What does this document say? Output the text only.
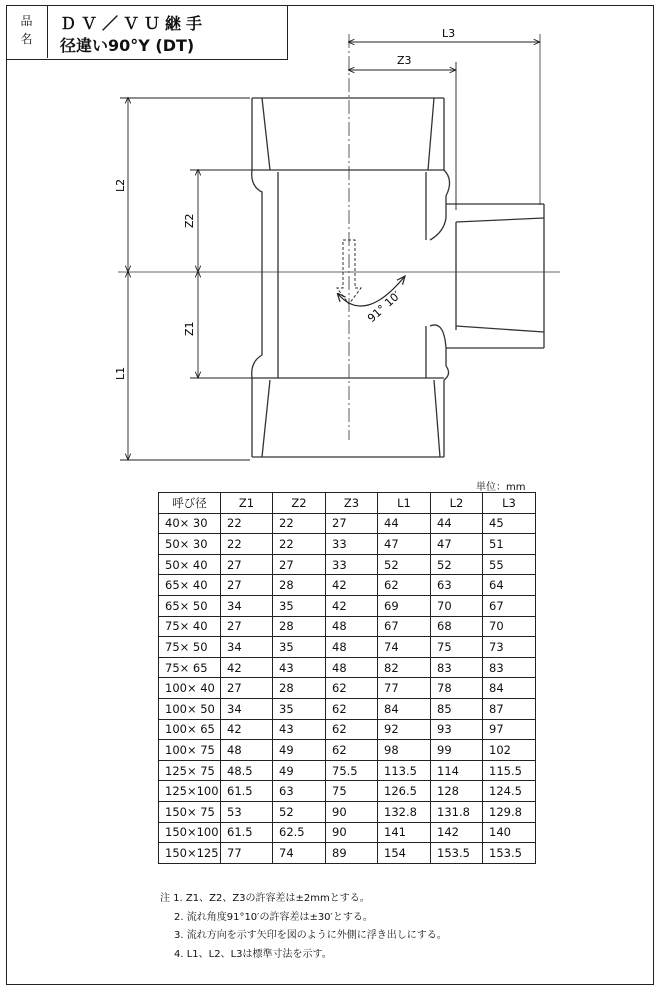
品
名
ＤＶ／ＶＵ継手
径違い90°Y (DT)
91° 10′
L3
Z3
L2
Z2
Z1
L1
単位：mm
呼び径	Z1	Z2	Z3	L1	L2	L3
40× 30	22	22	27	44	44	45
50× 30	22	22	33	47	47	51
50× 40	27	27	33	52	52	55
65× 40	27	28	42	62	63	64
65× 50	34	35	42	69	70	67
75× 40	27	28	48	67	68	70
75× 50	34	35	48	74	75	73
75× 65	42	43	48	82	83	83
100× 40	27	28	62	77	78	84
100× 50	34	35	62	84	85	87
100× 65	42	43	62	92	93	97
100× 75	48	49	62	98	99	102
125× 75	48.5	49	75.5	113.5	114	115.5
125×100	61.5	63	75	126.5	128	124.5
150× 75	53	52	90	132.8	131.8	129.8
150×100	61.5	62.5	90	141	142	140
150×125	77	74	89	154	153.5	153.5
注 1. Z1、Z2、Z3の許容差は±2mmとする。
2. 流れ角度91°10′の許容差は±30′とする。
3. 流れ方向を示す矢印を図のように外側に浮き出しにする。
4. L1、L2、L3は標準寸法を示す。
